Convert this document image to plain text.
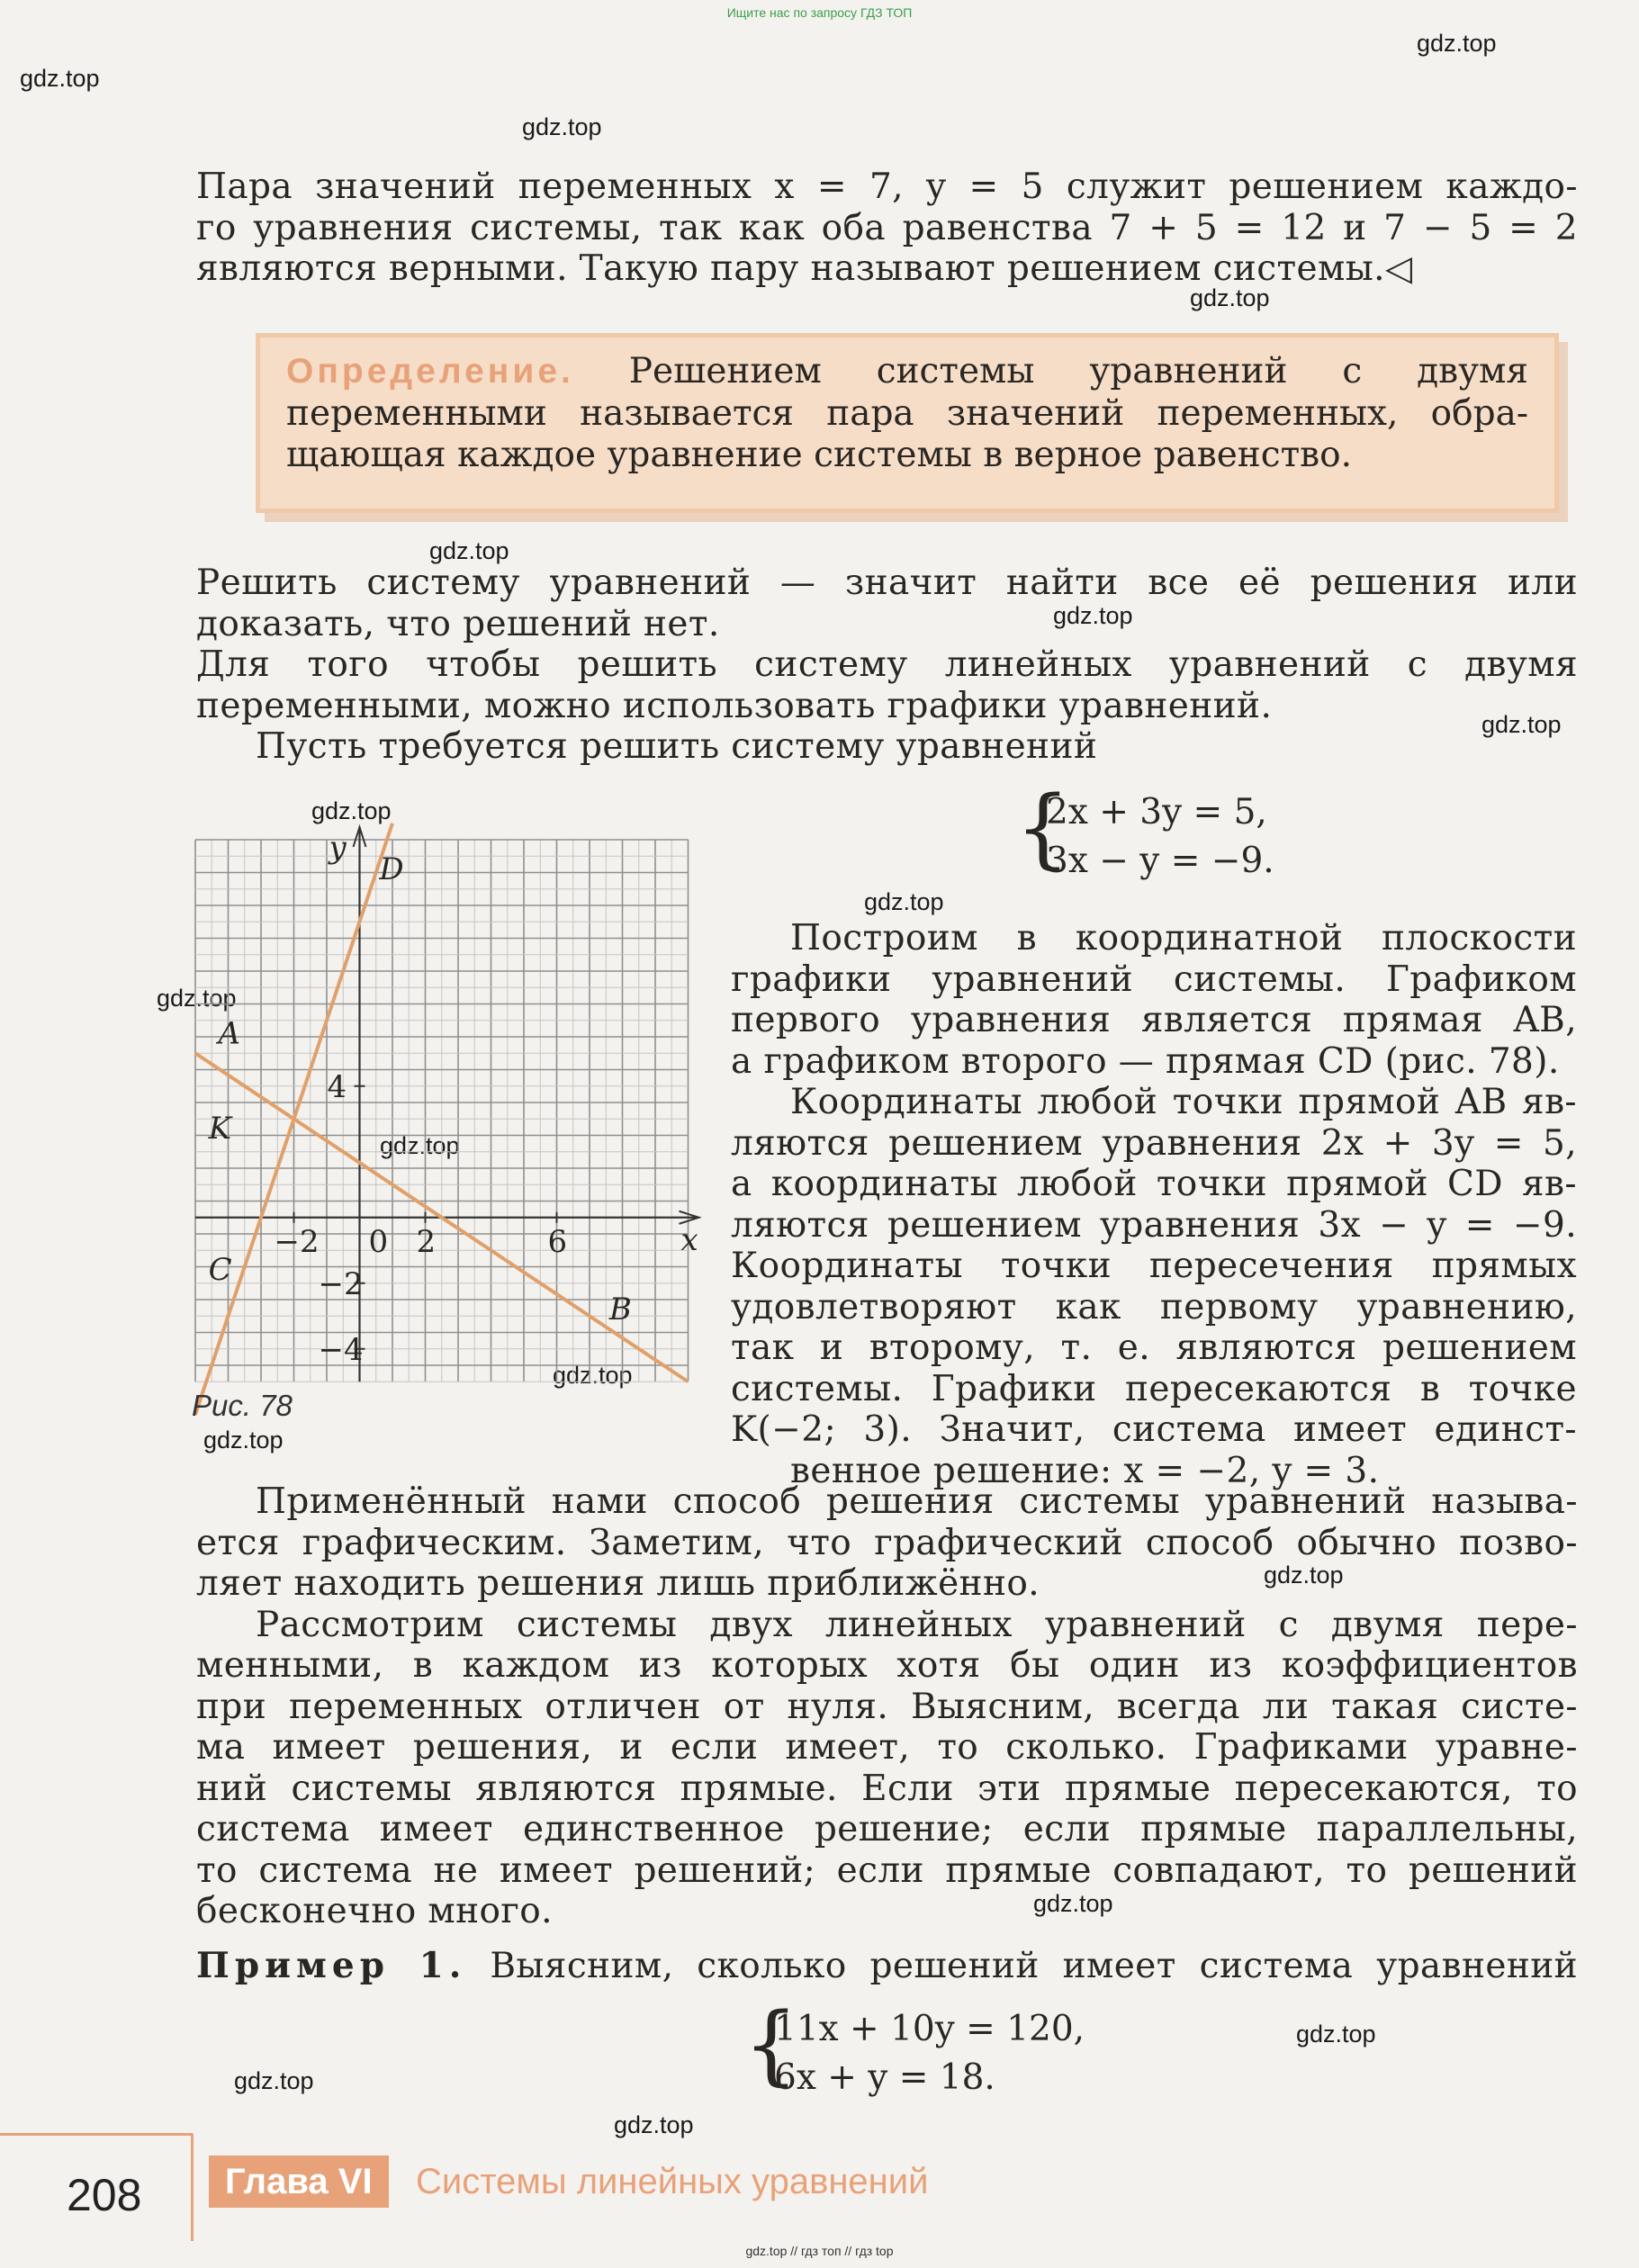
Ищите нас по запросу ГДЗ ТОП
gdz.top
gdz.top
gdz.top
gdz.top
gdz.top
gdz.top
gdz.top
gdz.top
gdz.top
gdz.top
gdz.top
gdz.top
gdz.top
gdz.top
gdz.top
gdz.top
gdz.top
gdz.top
Пара значений переменных x = 7, y = 5 служит решением каждо-
го уравнения системы, так как оба равенства 7 + 5 = 12 и 7 − 5 = 2
являются верными. Такую пару называют решением системы.◁
Определение. Решением системы уравнений с двумя
переменными называется пара значений переменных, обра-
щающая каждое уравнение системы в верное равенство.
Решить систему уравнений — значит найти все её решения или
доказать, что решений нет.
Для того чтобы решить систему линейных уравнений с двумя
переменными, можно использовать графики уравнений.
Пусть требуется решить систему уравнений
{
2x + 3y = 5,
3x − y = −9.
−2	2	6
0
4
−2
−4
x
y
A
B
C
D
K
Рис. 78
Построим в координатной плоскости
графики уравнений системы. Графиком
первого уравнения является прямая AB,
а графиком второго — прямая CD (рис. 78).
Координаты любой точки прямой AB яв-
ляются решением уравнения 2x + 3y = 5,
а координаты любой точки прямой CD яв-
ляются решением уравнения 3x − y = −9.
Координаты точки пересечения прямых
удовлетворяют как первому уравнению,
так и второму, т. е. являются решением
системы. Графики пересекаются в точке
K(−2; 3). Значит, система имеет единст-
венное решение: x = −2, y = 3.
Применённый нами способ решения системы уравнений называ-
ется графическим. Заметим, что графический способ обычно позво-
ляет находить решения лишь приближённо.
Рассмотрим системы двух линейных уравнений с двумя пере-
менными, в каждом из которых хотя бы один из коэффициентов
при переменных отличен от нуля. Выясним, всегда ли такая систе-
ма имеет решения, и если имеет, то сколько. Графиками уравне-
ний системы являются прямые. Если эти прямые пересекаются, то
система имеет единственное решение; если прямые параллельны,
то система не имеет решений; если прямые совпадают, то решений
бесконечно много.
Пример 1. Выясним, сколько решений имеет система уравнений
{
11x + 10y = 120,
6x + y = 18.
208	Глава VI	Системы линейных уравнений
gdz.top // гдз топ // гдз top
